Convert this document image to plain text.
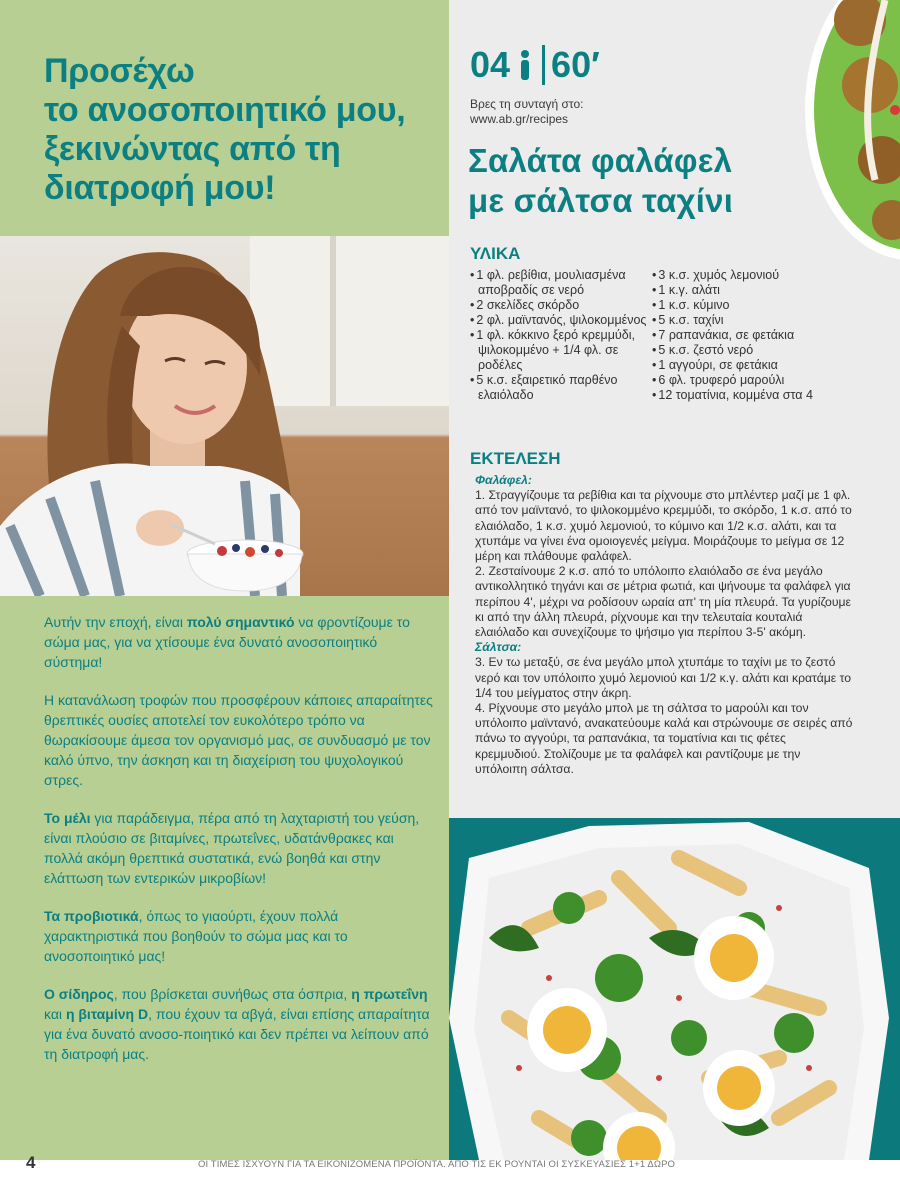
Προσέχω
το ανοσοποιητικό μου,
ξεκινώντας από τη
διατροφή μου!

Αυτήν την εποχή, είναι πολύ σημαντικό να φροντίζουμε το σώμα μας, για να χτίσουμε ένα δυνατό ανοσοποιητικό σύστημα!

Η κατανάλωση τροφών που προσφέρουν κάποιες απαραίτητες θρεπτικές ουσίες αποτελεί τον ευκολότερο τρόπο να θωρακίσουμε άμεσα τον οργανισμό μας, σε συνδυασμό με τον καλό ύπνο, την άσκηση και τη διαχείριση του ψυχολογικού στρες.

Το μέλι για παράδειγμα, πέρα από τη λαχταριστή του γεύση, είναι πλούσιο σε βιταμίνες, πρωτεΐνες, υδατάνθρακες και πολλά ακόμη θρεπτικά συστατικά, ενώ βοηθά και στην ελάττωση των εντερικών μικροβίων!

Τα προβιοτικά, όπως το γιαούρτι, έχουν πολλά χαρακτηριστικά που βοηθούν το σώμα μας και το ανοσοποιητικό μας!

Ο σίδηρος, που βρίσκεται συνήθως στα όσπρια, η πρωτεΐνη και η βιταμίνη D, που έχουν τα αβγά, είναι επίσης απαραίτητα για ένα δυνατό ανοσο-ποιητικό και δεν πρέπει να λείπουν από τη διατροφή μας.

04 60′
Βρες τη συνταγή στο:
www.ab.gr/recipes
Σαλάτα φαλάφελ
με σάλτσα ταχίνι
ΥΛΙΚΑ
• 1 φλ. ρεβίθια, μουλιασμένα αποβραδίς σε νερό
• 2 σκελίδες σκόρδο
• 2 φλ. μαϊντανός, ψιλοκομμένος
• 1 φλ. κόκκινο ξερό κρεμμύδι, ψιλοκομμένο + 1/4 φλ. σε ροδέλες
• 5 κ.σ. εξαιρετικό παρθένο ελαιόλαδο
• 3 κ.σ. χυμός λεμονιού
• 1 κ.γ. αλάτι
• 1 κ.σ. κύμινο
• 5 κ.σ. ταχίνι
• 7 ραπανάκια, σε φετάκια
• 5 κ.σ. ζεστό νερό
• 1 αγγούρι, σε φετάκια
• 6 φλ. τρυφερό μαρούλι
• 12 τοματίνια, κομμένα στα 4
ΕΚΤΕΛΕΣΗ
Φαλάφελ:
1. Στραγγίζουμε τα ρεβίθια και τα ρίχνουμε στο μπλέντερ μαζί με 1 φλ. από τον μαϊντανό, το ψιλοκομμένο κρεμμύδι, το σκόρδο, 1 κ.σ. από το ελαιόλαδο, 1 κ.σ. χυμό λεμονιού, το κύμινο και 1/2 κ.σ. αλάτι, και τα χτυπάμε να γίνει ένα ομοιογενές μείγμα. Μοιράζουμε το μείγμα σε 12 μέρη και πλάθουμε φαλάφελ.
2. Ζεσταίνουμε 2 κ.σ. από το υπόλοιπο ελαιόλαδο σε ένα μεγάλο αντικολλητικό τηγάνι και σε μέτρια φωτιά, και ψήνουμε τα φαλάφελ για περίπου 4', μέχρι να ροδίσουν ωραία απ' τη μία πλευρά. Τα γυρίζουμε κι από την άλλη πλευρά, ρίχνουμε και την τελευταία κουταλιά ελαιόλαδο και συνεχίζουμε το ψήσιμο για περίπου 3-5' ακόμη.
Σάλτσα:
3. Εν τω μεταξύ, σε ένα μεγάλο μπολ χτυπάμε το ταχίνι με το ζεστό νερό και τον υπόλοιπο χυμό λεμονιού και 1/2 κ.γ. αλάτι και κρατάμε το 1/4 του μείγματος στην άκρη.
4. Ρίχνουμε στο μεγάλο μπολ με τη σάλτσα το μαρούλι και τον υπόλοιπο μαϊντανό, ανακατεύουμε καλά και στρώνουμε σε σειρές από πάνω το αγγούρι, τα ραπανάκια, τα τοματίνια και τις φέτες κρεμμυδιού. Στολίζουμε με τα φαλάφελ και ραντίζουμε με την υπόλοιπη σάλτσα.
4	ΟΙ ΤΙΜΕΣ ΙΣΧΥΟΥΝ ΓΙΑ ΤΑ ΕΙΚΟΝΙΖΟΜΕΝΑ ΠΡΟΪΟΝΤΑ. ΑΠΟ ΤΙΣ ΕΚ ΡΟΥΝΤΑΙ ΟΙ ΣΥΣΚΕΥΑΣΙΕΣ 1+1 ΔΩΡΟ
